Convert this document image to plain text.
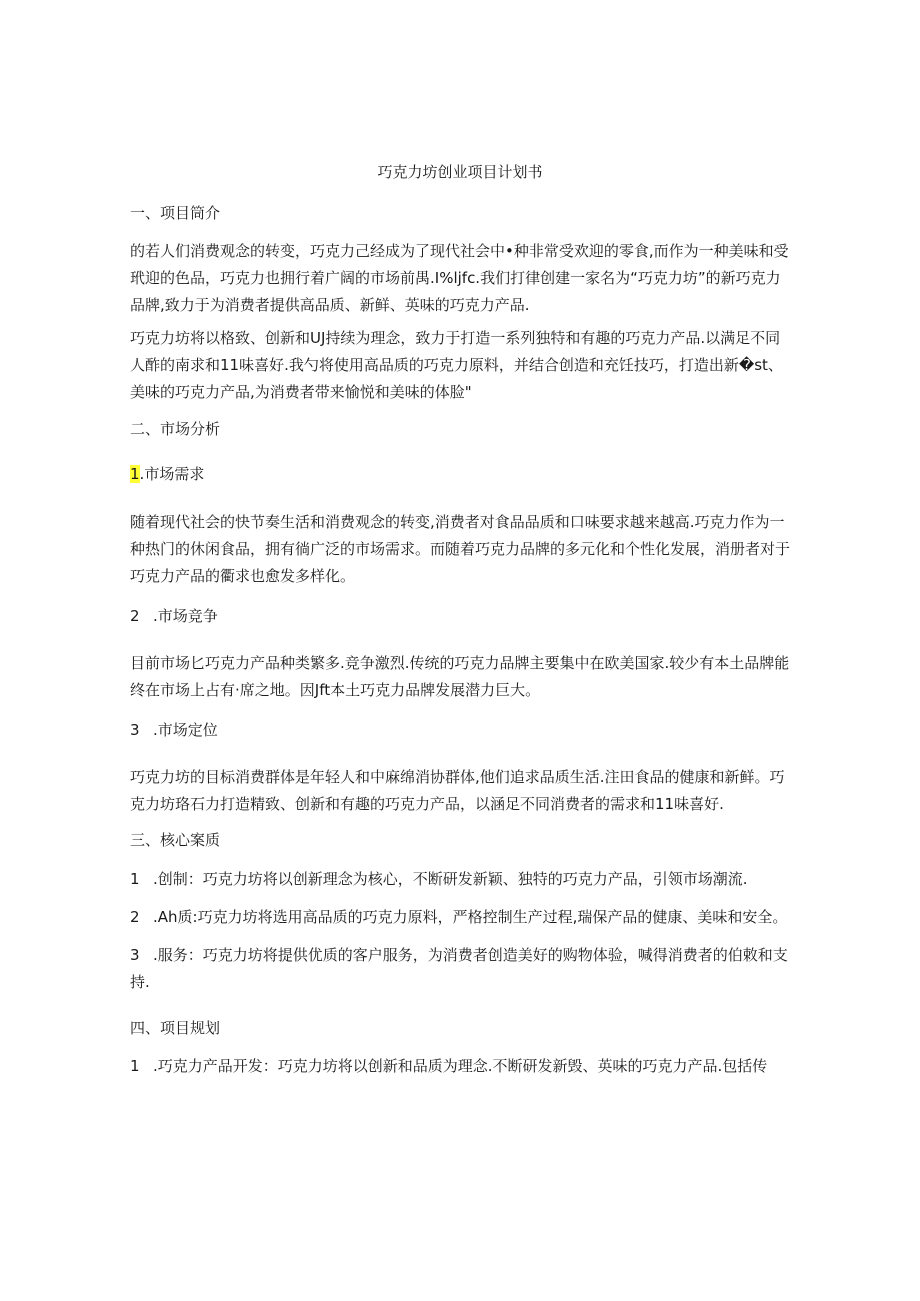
巧克力坊创业项目计划书

一、项目筒介

的若人们消费观念的转变，巧克力己经成为了现代社会中•种非常受欢迎的零食,而作为一种美味和受玳迎的色品，巧克力也拥行着广阔的市场前禺.I%ljfc.我们打律创建一家名为“巧克力坊”的新巧克力品牌,致力于为消费者提供高品质、新鲜、英味的巧克力产品.

巧克力坊将以格致、创新和UJ持续为理念，致力于打造一系列独特和有趣的巧克力产品.以满足不同人酢的南求和11味喜好.我勺将使用高品质的巧克力原料，并结合创造和充饪技巧，打造出新�st、美味的巧克力产品,为消费者带来愉悦和美味的体脸"

二、市场分析

1.市场需求

随着现代社会的快节奏生活和消费观念的转变,消费者对食品品质和口味要求越来越高.巧克力作为一种热门的休闲食品，拥有徜广泛的市场需求。而随着巧克力品牌的多元化和个性化发展，消册者对于巧克力产品的衢求也愈发多样化。

2 .市场竞争

目前市场匕巧克力产品种类繁多.竞争激烈.传统的巧克力品牌主要集中在欧美国家.较少有本土品牌能终在市场上占有·席之地。因Jft本土巧克力品牌发展潜力巨大。

3 .市场定位

巧克力坊的目标消费群体是年轻人和中麻绵消协群体,他们追求品质生活.注田食品的健康和新鲜。巧克力坊珞石力打造精致、创新和有趣的巧克力产品，以涵足不同消费者的需求和11味喜好.

三、核心案质

1 .创制：巧克力坊将以创新理念为核心，不断研发新颖、独特的巧克力产品，引领市场潮流.

2 .Ah质:巧克力坊将选用高品质的巧克力原料，严格控制生产过程,瑞保产品的健康、美味和安全。

3 .服务：巧克力坊将提供优质的客户服务，为消费者创造美好的购物体验，喊得消费者的伯敕和支持.

四、项目规划

1 .巧克力产品开发：巧克力坊将以创新和品质为理念.不断研发新毁、英味的巧克力产品.包括传
